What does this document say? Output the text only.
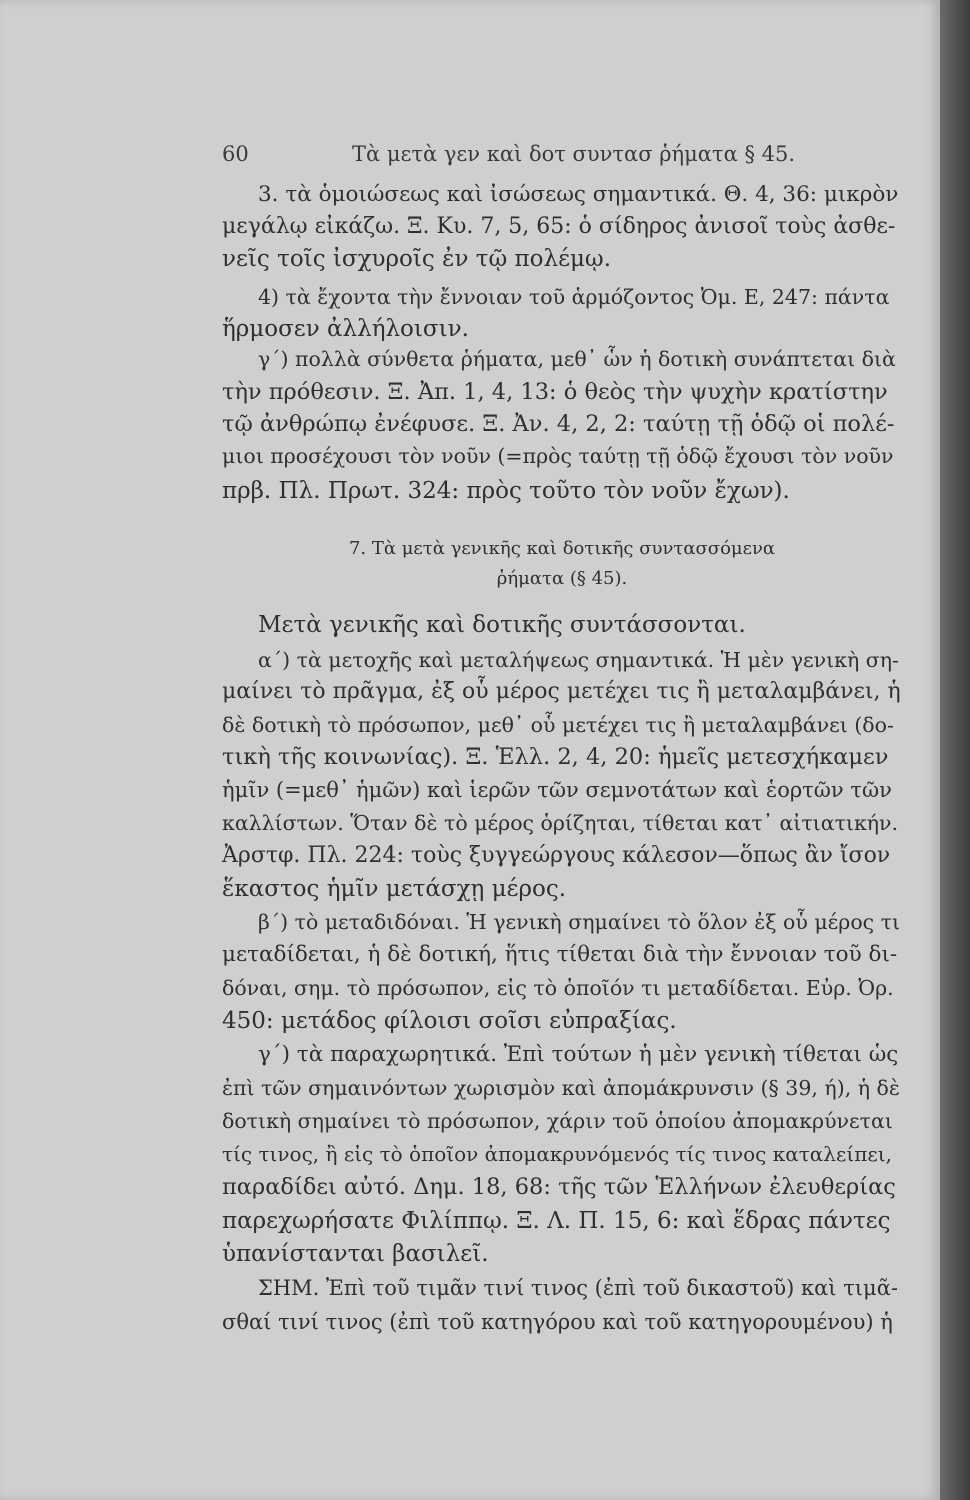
60	Τὰ μετὰ γεν καὶ δοτ συντασ ῥήματα § 45.
3. τὰ ὁμοιώσεως καὶ ἰσώσεως σημαντικά. Θ. 4, 36: μικρὸν
μεγάλῳ εἰκάζω. Ξ. Κυ. 7, 5, 65: ὁ σίδηρος ἀνισοῖ τοὺς ἀσθε-
νεῖς τοῖς ἰσχυροῖς ἐν τῷ πολέμῳ.
4) τὰ ἔχοντα τὴν ἔννοιαν τοῦ ἁρμόζοντος Ὀμ. Ε, 247: πάντα
ἥρμοσεν ἀλλήλοισιν.
γ΄) πολλὰ σύνθετα ῥήματα, μεθ᾽ ὧν ἡ δοτικὴ συνάπτεται διὰ
τὴν πρόθεσιν. Ξ. Ἀπ. 1, 4, 13: ὁ θεὸς τὴν ψυχὴν κρατίστην
τῷ ἀνθρώπῳ ἐνέφυσε. Ξ. Ἀν. 4, 2, 2: ταύτῃ τῇ ὁδῷ οἱ πολέ-
μιοι προσέχουσι τὸν νοῦν (=πρὸς ταύτῃ τῇ ὁδῷ ἔχουσι τὸν νοῦν
πρβ. Πλ. Πρωτ. 324: πρὸς τοῦτο τὸν νοῦν ἔχων).
7. Τὰ μετὰ γενικῆς καὶ δοτικῆς συντασσόμενα
ῥήματα (§ 45).
Μετὰ γενικῆς καὶ δοτικῆς συντάσσονται.
α΄) τὰ μετοχῆς καὶ μεταλήψεως σημαντικά. Ἡ μὲν γενικὴ ση-
μαίνει τὸ πρᾶγμα, ἐξ οὗ μέρος μετέχει τις ἢ μεταλαμβάνει, ἡ
δὲ δοτικὴ τὸ πρόσωπον, μεθ᾽ οὗ μετέχει τις ἢ μεταλαμβάνει (δο-
τικὴ τῆς κοινωνίας). Ξ. Ἑλλ. 2, 4, 20: ἡμεῖς μετεσχήκαμεν
ἡμῖν (=μεθ᾽ ἡμῶν) καὶ ἱερῶν τῶν σεμνοτάτων καὶ ἑορτῶν τῶν
καλλίστων. Ὅταν δὲ τὸ μέρος ὁρίζηται, τίθεται κατ᾽ αἰτιατικήν.
Ἀρστφ. Πλ. 224: τοὺς ξυγγεώργους κάλεσον—ὅπως ἂν ἴσον
ἕκαστος ἡμῖν μετάσχῃ μέρος.
β΄) τὸ μεταδιδόναι. Ἡ γενικὴ σημαίνει τὸ ὅλον ἐξ οὗ μέρος τι
μεταδίδεται, ἡ δὲ δοτική, ἥτις τίθεται διὰ τὴν ἔννοιαν τοῦ δι-
δόναι, σημ. τὸ πρόσωπον, εἰς τὸ ὁποῖόν τι μεταδίδεται. Εὐρ. Ὀρ.
450: μετάδος φίλοισι σοῖσι εὐπραξίας.
γ΄) τὰ παραχωρητικά. Ἐπὶ τούτων ἡ μὲν γενικὴ τίθεται ὡς
ἐπὶ τῶν σημαινόντων χωρισμὸν καὶ ἀπομάκρυνσιν (§ 39, ή), ἡ δὲ
δοτικὴ σημαίνει τὸ πρόσωπον, χάριν τοῦ ὁποίου ἀπομακρύνεται
τίς τινος, ἢ εἰς τὸ ὁποῖον ἀπομακρυνόμενός τίς τινος καταλείπει,
παραδίδει αὐτό. Δημ. 18, 68: τῆς τῶν Ἑλλήνων ἐλευθερίας
παρεχωρήσατε Φιλίππῳ. Ξ. Λ. Π. 15, 6: καὶ ἕδρας πάντες
ὑπανίστανται βασιλεῖ.
ΣΗΜ. Ἐπὶ τοῦ τιμᾶν τινί τινος (ἐπὶ τοῦ δικαστοῦ) καὶ τιμᾶ-
σθαί τινί τινος (ἐπὶ τοῦ κατηγόρου καὶ τοῦ κατηγορουμένου) ἡ
